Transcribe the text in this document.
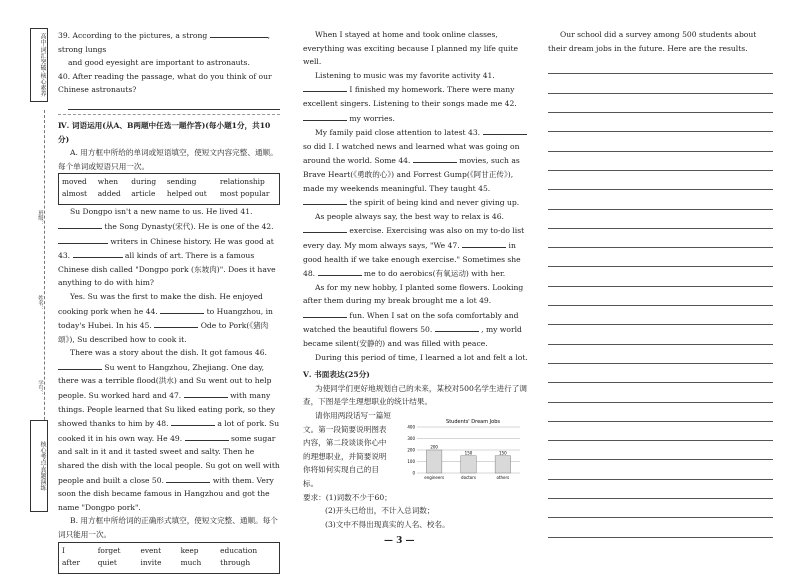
高中·词汇突破·核心素养
班级：
姓名：
学号：
核心考点·真题演练

39. According to the pictures, a strong	, strong lungs

and good eyesight are important to astronauts.

40. After reading the passage, what do you think of our Chinese astronauts?

Ⅳ. 词语运用(从A、B两题中任选一题作答)(每小题1分，共10分)

A. 用方框中所给的单词或短语填空，使短文内容完整、通顺。每个单词或短语只用一次。

moved	when	during	sending	relationship
almost	added	article	helped out	most popular

Su Dongpo isn't a new name to us. He lived 41.  the Song Dynasty(宋代). He is one of the 42.  writers in Chinese history. He was good at 43.	all kinds of art. There is a famous Chinese dish called "Dongpo pork (东坡肉)". Does it have anything to do with him?

Yes. Su was the first to make the dish. He enjoyed cooking pork when he 44.	to Huangzhou, in today's Hubei. In his 45.	Ode to Pork(《猪肉颂》), Su described how to cook it.

There was a story about the dish. It got famous 46.  Su went to Hangzhou, Zhejiang. One day, there was a terrible flood(洪水) and Su went out to help people. Su worked hard and 47.	with many things. People learned that Su liked eating pork, so they showed thanks to him by 48.	a lot of pork. Su cooked it in his own way. He 49.	some sugar and salt in it and it tasted sweet and salty. Then he shared the dish with the local people. Su got on well with people and built a close 50.	with them. Very soon the dish became famous in Hangzhou and got the name "Dongpo pork".

B. 用方框中所给词的正确形式填空，使短文完整、通顺。每个词只能用一次。

I	forget	event	keep	education
after	quiet	invite	much	through

When I stayed at home and took online classes, everything was exciting because I planned my life quite well.

Listening to music was my favorite activity 41.  I finished my homework. There were many excellent singers. Listening to their songs made me 42.  my worries.

My family paid close attention to latest 43.  so did I. I watched news and learned what was going on around the world. Some 44.	movies, such as Brave Heart(《勇敢的心》) and Forrest Gump(《阿甘正传》), made my weekends meaningful. They taught 45.  the spirit of being kind and never giving up.

As people always say, the best way to relax is 46.  exercise. Exercising was also on my to-do list every day. My mom always says, "We 47.	in good health if we take enough exercise." Sometimes she 48.	me to do aerobics(有氧运动) with her.

As for my new hobby, I planted some flowers. Looking after them during my break brought me a lot 49.  fun. When I sat on the sofa comfortably and watched the beautiful flowers 50.	, my world became silent(安静的) and was filled with peace.

During this period of time, I learned a lot and felt a lot.

Ⅴ. 书面表达(25分)

为使同学们更好地规划自己的未来，某校对500名学生进行了调查，下图是学生理想职业的统计结果。

请你用两段话写一篇短文。第一段简要说明图表内容，第二段谈谈你心中的理想职业，并简要说明你将如何实现自己的目标。

要求：(1)词数不少于60；

(2)开头已给出，不计入总词数；

(3)文中不得出现真实的人名、校名。

Students' Dream Jobs
0
100
200
300
400
200
engineers
150
doctors
150
others

Our school did a survey among 500 students about their dream jobs in the future. Here are the results.

— 3 —
